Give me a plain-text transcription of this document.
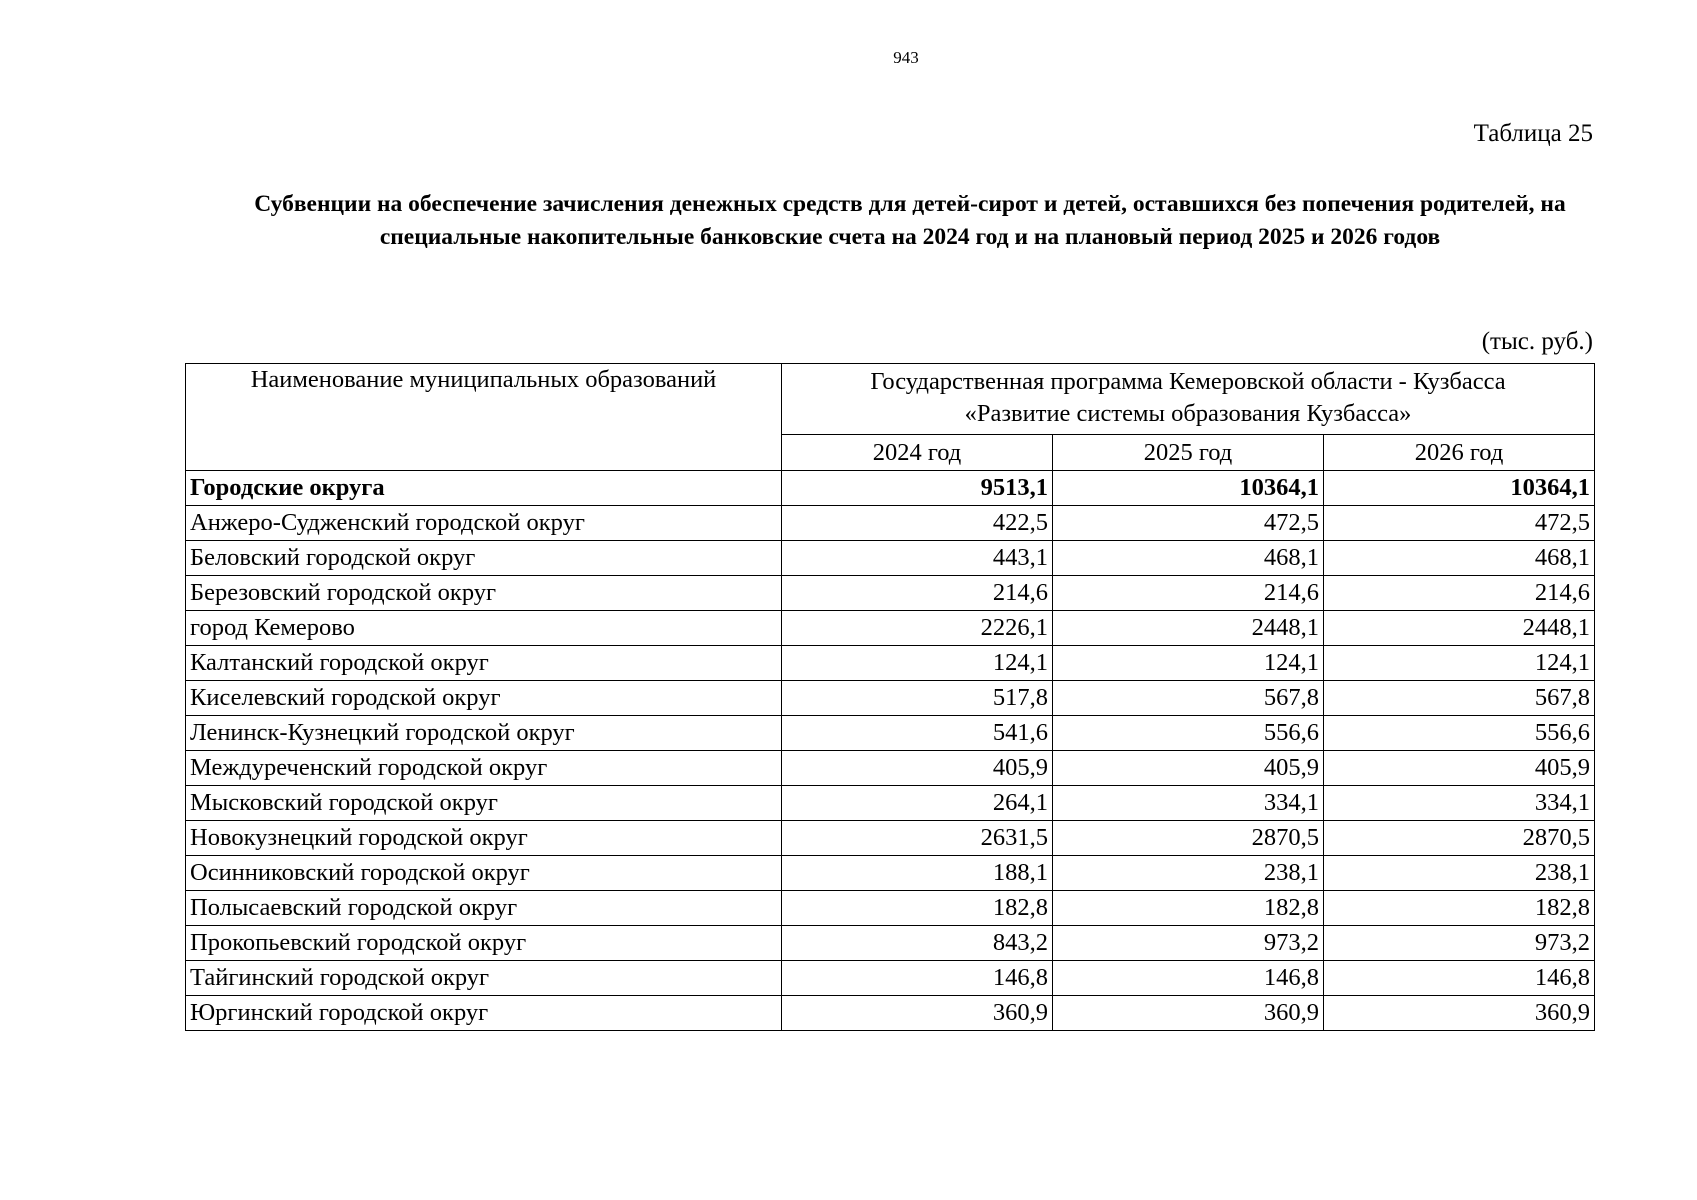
943
Таблица 25
Субвенции на обеспечение зачисления денежных средств для детей-сирот и детей, оставшихся без попечения родителей, на специальные накопительные банковские счета на 2024 год и на плановый период 2025 и 2026 годов
(тыс. руб.)
Наименование муниципальных образований	Государственная программа Кемеровской области - Кузбасса
«Развитие системы образования Кузбасса»		

	2024 год	2025 год	2026 год
Городские округа	9513,1	10364,1	10364,1
Анжеро-Судженский городской округ	422,5	472,5	472,5
Беловский городской округ	443,1	468,1	468,1
Березовский городской округ	214,6	214,6	214,6
город Кемерово	2226,1	2448,1	2448,1
Калтанский городской округ	124,1	124,1	124,1
Киселевский городской округ	517,8	567,8	567,8
Ленинск-Кузнецкий городской округ	541,6	556,6	556,6
Междуреченский городской округ	405,9	405,9	405,9
Мысковский городской округ	264,1	334,1	334,1
Новокузнецкий городской округ	2631,5	2870,5	2870,5
Осинниковский городской округ	188,1	238,1	238,1
Полысаевский городской округ	182,8	182,8	182,8
Прокопьевский городской округ	843,2	973,2	973,2
Тайгинский городской округ	146,8	146,8	146,8
Юргинский городской округ	360,9	360,9	360,9
